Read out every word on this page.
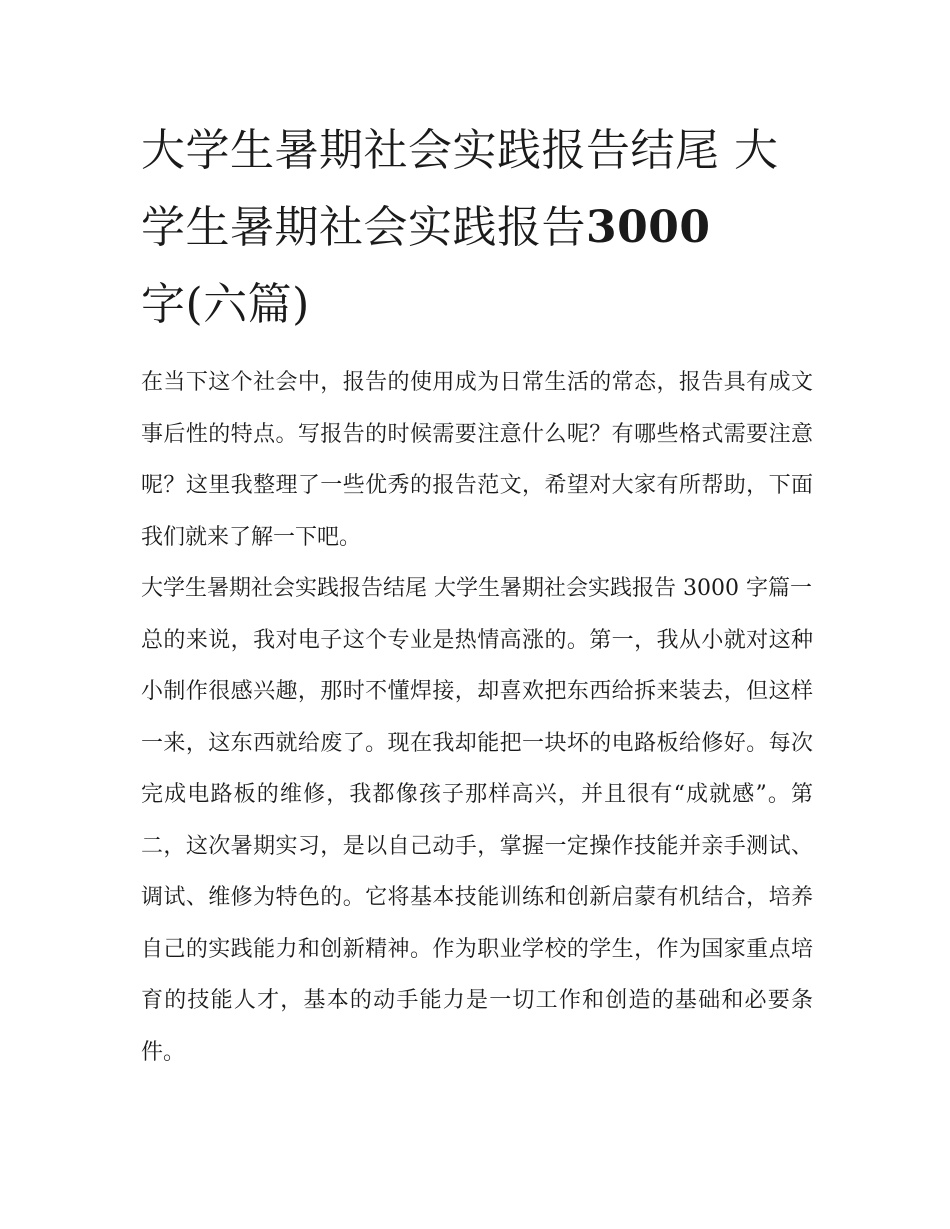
大学生暑期社会实践报告结尾 大学生暑期社会实践报告3000
字(六篇)

在当下这个社会中，报告的使用成为日常生活的常态，报告具有成文事后性的特点。写报告的时候需要注意什么呢？有哪些格式需要注意呢？这里我整理了一些优秀的报告范文，希望对大家有所帮助，下面我们就来了解一下吧。

大学生暑期社会实践报告结尾 大学生暑期社会实践报告 3000 字篇一

总的来说，我对电子这个专业是热情高涨的。第一，我从小就对这种小制作很感兴趣，那时不懂焊接，却喜欢把东西给拆来装去，但这样一来，这东西就给废了。现在我却能把一块坏的电路板给修好。每次完成电路板的维修，我都像孩子那样高兴，并且很有“成就感”。第二，这次暑期实习，是以自己动手，掌握一定操作技能并亲手测试、调试、维修为特色的。它将基本技能训练和创新启蒙有机结合，培养自己的实践能力和创新精神。作为职业学校的学生，作为国家重点培育的技能人才，基本的动手能力是一切工作和创造的基础和必要条件。
